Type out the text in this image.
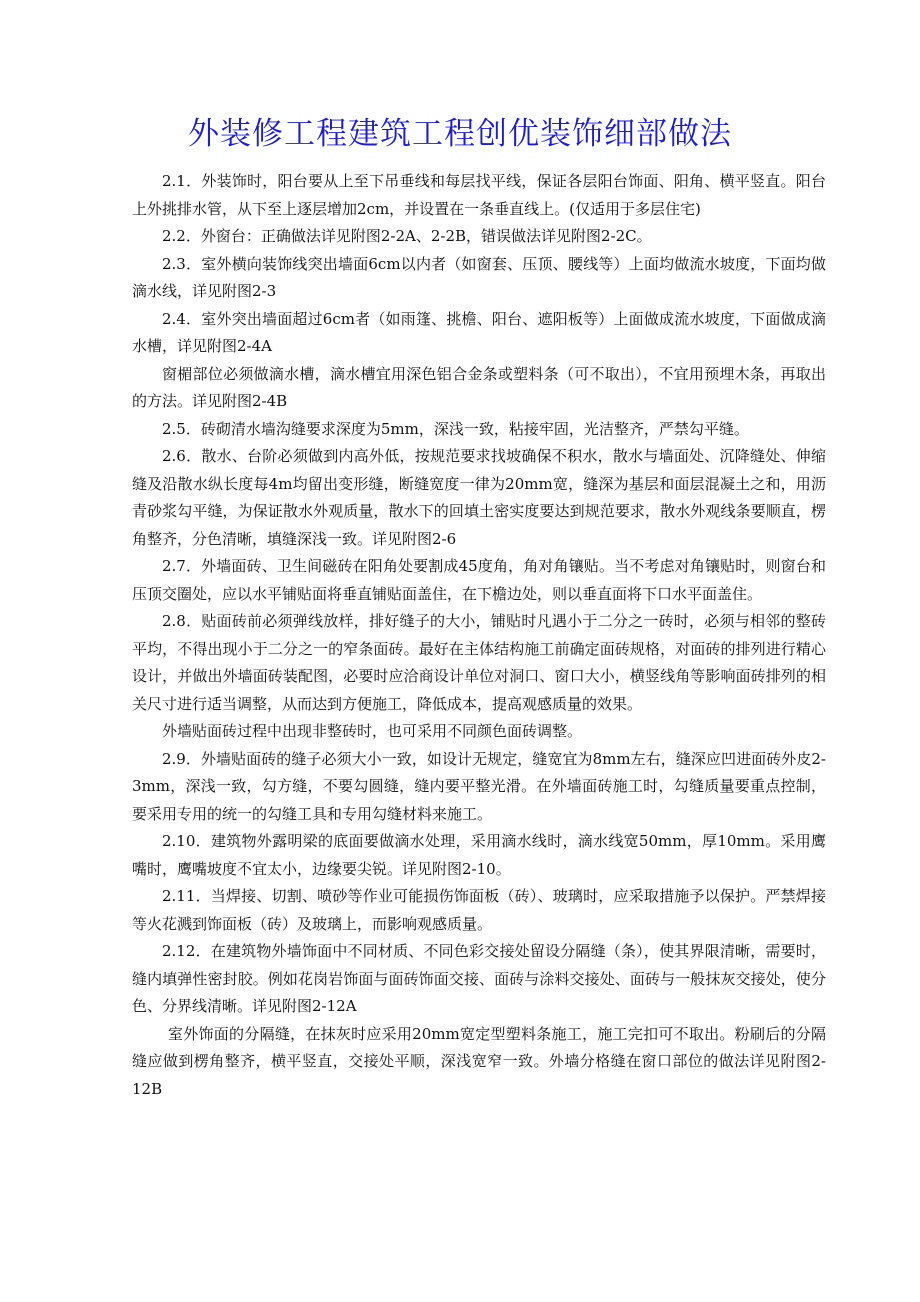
外装修工程建筑工程创优装饰细部做法

2.1．外装饰时，阳台要从上至下吊垂线和每层找平线，保证各层阳台饰面、阳角、横平竖直。阳台上外挑排水管，从下至上逐层增加2cm，并设置在一条垂直线上。(仅适用于多层住宅)

2.2．外窗台：正确做法详见附图2-2A、2-2B，错误做法详见附图2-2C。

2.3．室外横向装饰线突出墙面6cm以内者（如窗套、压顶、腰线等）上面均做流水坡度，下面均做滴水线，详见附图2-3

2.4．室外突出墙面超过6cm者（如雨篷、挑檐、阳台、遮阳板等）上面做成流水坡度，下面做成滴水槽，详见附图2-4A

窗楣部位必须做滴水槽，滴水槽宜用深色铝合金条或塑料条（可不取出），不宜用预埋木条，再取出的方法。详见附图2-4B

2.5．砖砌清水墙沟缝要求深度为5mm，深浅一致，粘接牢固，光洁整齐，严禁勾平缝。

2.6．散水、台阶必须做到内高外低，按规范要求找坡确保不积水，散水与墙面处、沉降缝处、伸缩缝及沿散水纵长度每4m均留出变形缝，断缝宽度一律为20mm宽，缝深为基层和面层混凝土之和，用沥青砂浆勾平缝，为保证散水外观质量，散水下的回填土密实度要达到规范要求，散水外观线条要顺直，楞角整齐，分色清晰，填缝深浅一致。详见附图2-6

2.7．外墙面砖、卫生间磁砖在阳角处要割成45度角，角对角镶贴。当不考虑对角镶贴时，则窗台和压顶交圈处，应以水平铺贴面将垂直铺贴面盖住，在下檐边处，则以垂直面将下口水平面盖住。

2.8．贴面砖前必须弹线放样，排好缝子的大小，铺贴时凡遇小于二分之一砖时，必须与相邻的整砖平均，不得出现小于二分之一的窄条面砖。最好在主体结构施工前确定面砖规格，对面砖的排列进行精心设计，并做出外墙面砖装配图，必要时应洽商设计单位对洞口、窗口大小，横竖线角等影响面砖排列的相关尺寸进行适当调整，从而达到方便施工，降低成本，提高观感质量的效果。

外墙贴面砖过程中出现非整砖时，也可采用不同颜色面砖调整。

2.9．外墙贴面砖的缝子必须大小一致，如设计无规定，缝宽宜为8mm左右，缝深应凹进面砖外皮2-3mm，深浅一致，勾方缝，不要勾圆缝，缝内要平整光滑。在外墙面砖施工时，勾缝质量要重点控制，要采用专用的统一的勾缝工具和专用勾缝材料来施工。

2.10．建筑物外露明梁的底面要做滴水处理，采用滴水线时，滴水线宽50mm，厚10mm。采用鹰嘴时，鹰嘴坡度不宜太小，边缘要尖锐。详见附图2-10。

2.11．当焊接、切割、喷砂等作业可能损伤饰面板（砖）、玻璃时，应采取措施予以保护。严禁焊接等火花溅到饰面板（砖）及玻璃上，而影响观感质量。

2.12．在建筑物外墙饰面中不同材质、不同色彩交接处留设分隔缝（条），使其界限清晰，需要时，缝内填弹性密封胶。例如花岗岩饰面与面砖饰面交接、面砖与涂料交接处、面砖与一般抹灰交接处，使分色、分界线清晰。详见附图2-12A

室外饰面的分隔缝，在抹灰时应采用20mm宽定型塑料条施工，施工完扣可不取出。粉刷后的分隔缝应做到楞角整齐，横平竖直，交接处平顺，深浅宽窄一致。外墙分格缝在窗口部位的做法详见附图2-12B
